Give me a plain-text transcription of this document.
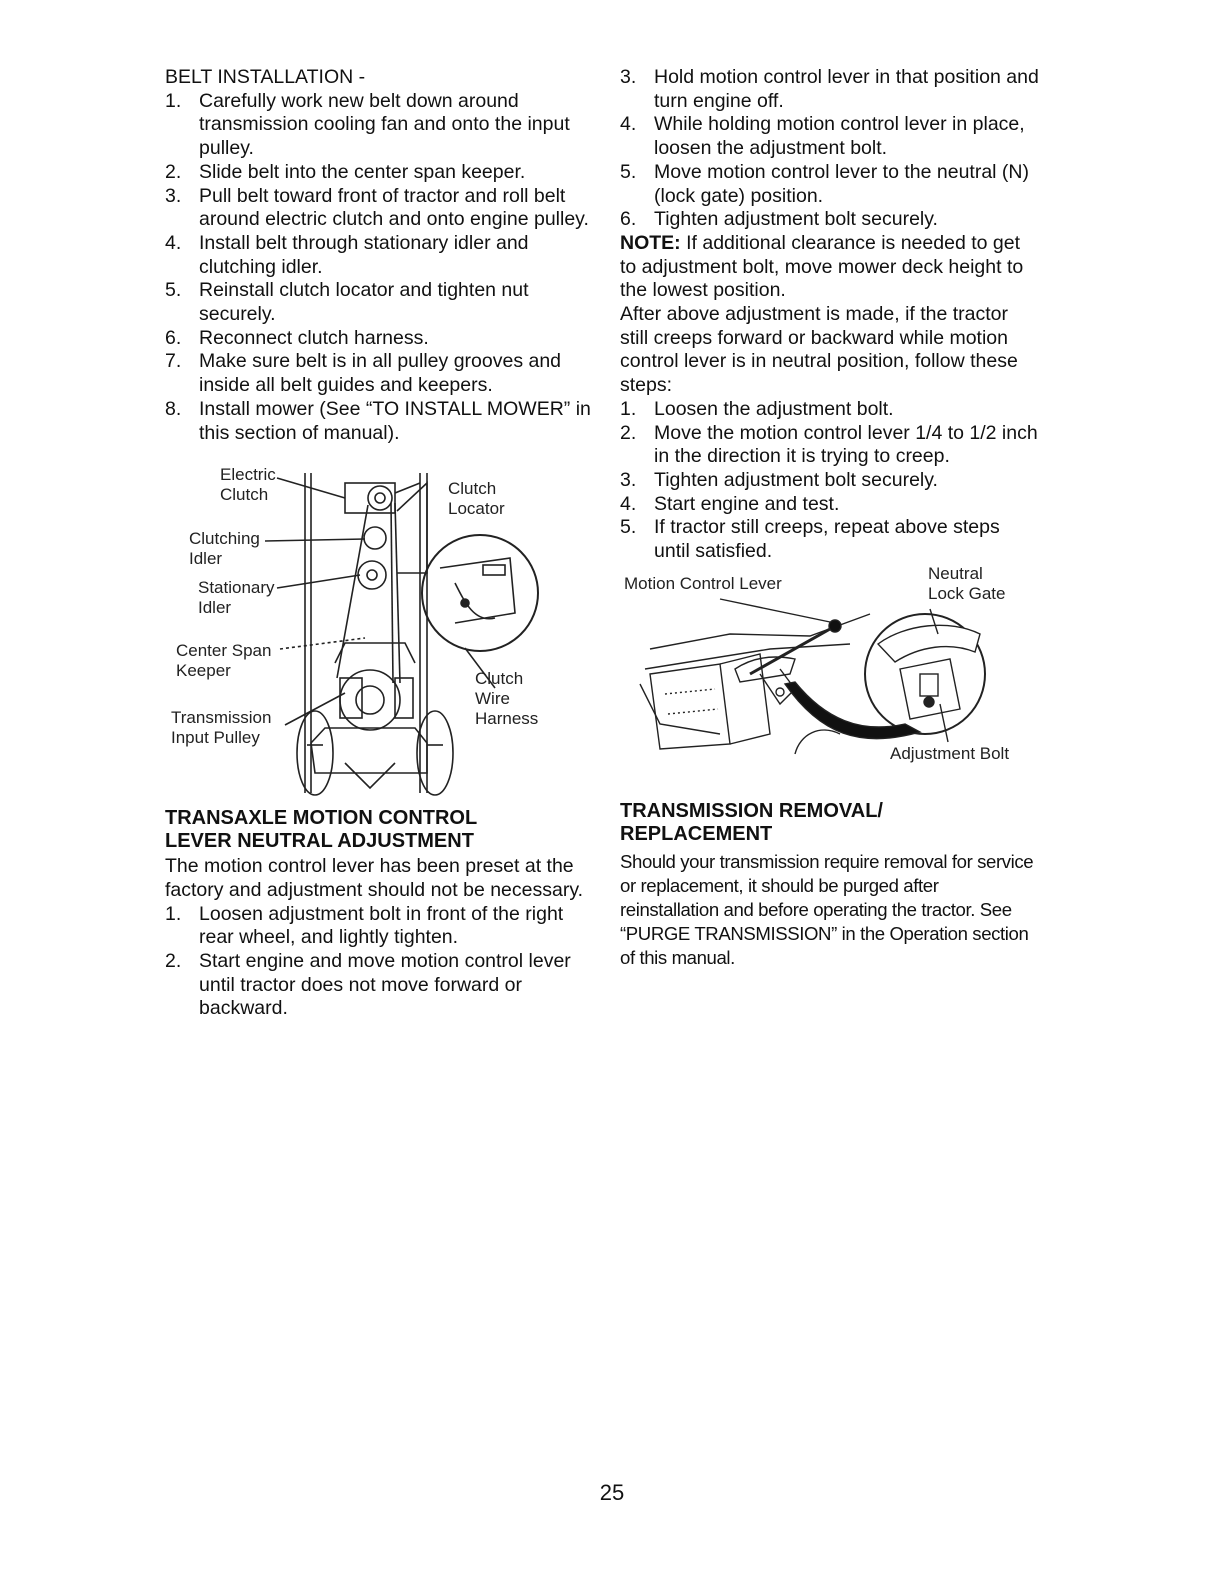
BELT INSTALLATION -

1. Carefully work new belt down around transmission cooling fan and onto the input pulley.
2. Slide belt into the center span keeper.
3. Pull belt toward front of tractor and roll belt around electric clutch and onto engine pulley.
4. Install belt through stationary idler and clutching idler.
5. Reinstall clutch locator and tighten nut securely.
6. Reconnect clutch harness.
7. Make sure belt is in all pulley grooves and inside all belt guides and keepers.
8. Install mower (See “TO INSTALL MOWER” in this section of manual).
Electric
Clutch	Clutch
Locator
Clutching
Idler
Stationary
Idler
Center Span
Keeper	Clutch
Wire
Harness
Transmission
Input Pulley

TRANSAXLE MOTION CONTROL

LEVER NEUTRAL ADJUSTMENT

The motion control lever has been preset at the factory and adjustment should not be necessary.

1. Loosen adjustment bolt in front of the right rear wheel, and lightly tighten.
2. Start engine and move motion control lever until tractor does not move forward or backward.
3. Hold motion control lever in that position and turn engine off.
4. While holding motion control lever in place, loosen the adjustment bolt.
5. Move motion control lever to the neutral (N) (lock gate) position.
6. Tighten adjustment bolt securely.

NOTE: If additional clearance is needed to get to adjustment bolt, move mower deck height to the lowest position.

After above adjustment is made, if the tractor still creeps forward or backward while motion control lever is in neutral position, follow these steps:

1. Loosen the adjustment bolt.
2. Move the motion control lever 1/4 to 1/2 inch in the direction it is trying to creep.
3. Tighten adjustment bolt securely.
4. Start engine and test.
5. If tractor still creeps, repeat above steps until satisfied.
Motion Control Lever
Neutral
Lock Gate
Adjustment Bolt

TRANSMISSION REMOVAL/

REPLACEMENT

Should your transmission require removal for service or replacement, it should be purged after reinstallation and before operating the tractor. See “PURGE TRANSMISSION” in the Operation section of this manual.

25
